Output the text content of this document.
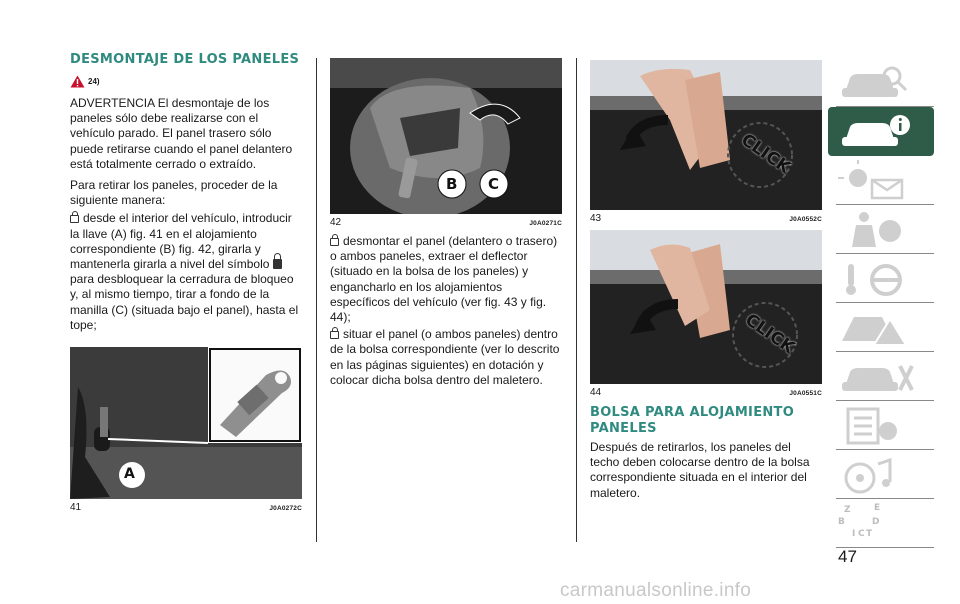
DESMONTAJE DE LOS PANELES
24)

ADVERTENCIA El desmontaje de los paneles sólo debe realizarse con el vehículo parado. El panel trasero sólo puede retirarse cuando el panel delantero está totalmente cerrado o extraído.

Para retirar los paneles, proceder de la siguiente manera:

desde el interior del vehículo, introducir la llave (A) fig. 41 en el alojamiento correspondiente (B) fig. 42, girarla y mantenerla girarla a nivel del símbolopara desbloquear la cerradura de bloqueo y, al mismo tiempo, tirar a fondo de la manilla (C) (situada bajo el panel), hasta el tope;

A
41	J0A0272C
B C
42	J0A0271C

desmontar el panel (delantero o trasero) o ambos paneles, extraer el deflector (situado en la bolsa de los paneles) y engancharlo en los alojamientos específicos del vehículo (ver fig. 43 y fig. 44);

situar el panel (o ambos paneles) dentro de la bolsa correspondiente (ver lo descrito en las páginas siguientes) en dotación y colocar dicha bolsa dentro del maletero.

CLICK
43	J0A0552C
CLICK
44	J0A0551C
BOLSA PARA ALOJAMIENTO PANELES

Después de retirarlos, los paneles del techo deben colocarse dentro de la bolsa correspondiente situada en el interior del maletero.

Z	E
B	D
I C T
47
carmanualsonline.info
